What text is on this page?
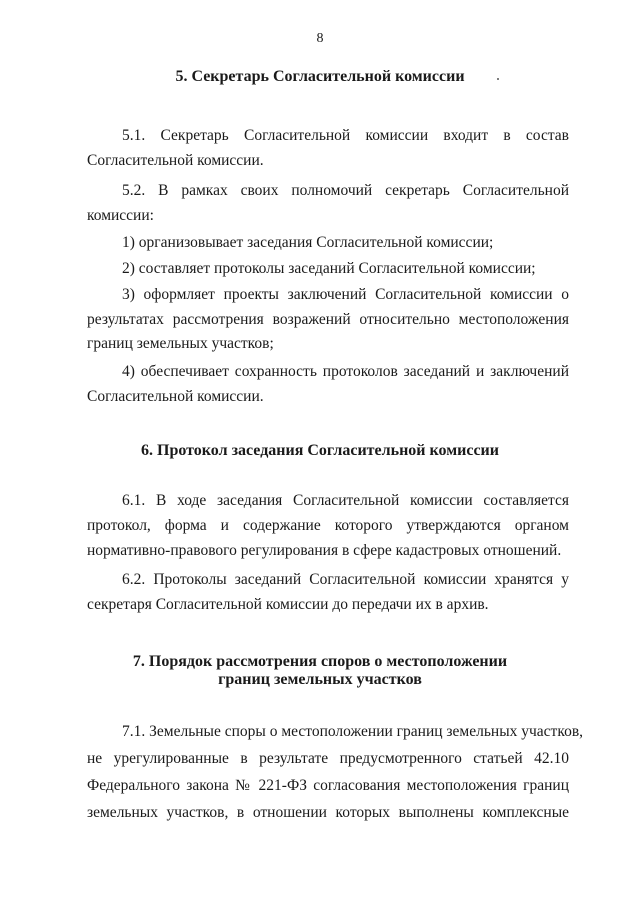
8
5. Секретарь Согласительной комиссии
5.1. Секретарь Согласительной комиссии входит в состав
Согласительной комиссии.
5.2. В рамках своих полномочий секретарь Согласительной
комиссии:
1) организовывает заседания Согласительной комиссии;
2) составляет протоколы заседаний Согласительной комиссии;
3) оформляет проекты заключений Согласительной комиссии о
результатах рассмотрения возражений относительно местоположения
границ земельных участков;
4) обеспечивает сохранность протоколов заседаний и заключений
Согласительной комиссии.
6. Протокол заседания Согласительной комиссии
6.1. В ходе заседания Согласительной комиссии составляется
протокол, форма и содержание которого утверждаются органом
нормативно-правового регулирования в сфере кадастровых отношений.
6.2. Протоколы заседаний Согласительной комиссии хранятся у
секретаря Согласительной комиссии до передачи их в архив.
7. Порядок рассмотрения споров о местоположении
границ земельных участков
7.1. Земельные споры о местоположении границ земельных участков,
не урегулированные в результате предусмотренного статьей 42.10
Федерального закона № 221-ФЗ согласования местоположения границ
земельных участков, в отношении которых выполнены комплексные
